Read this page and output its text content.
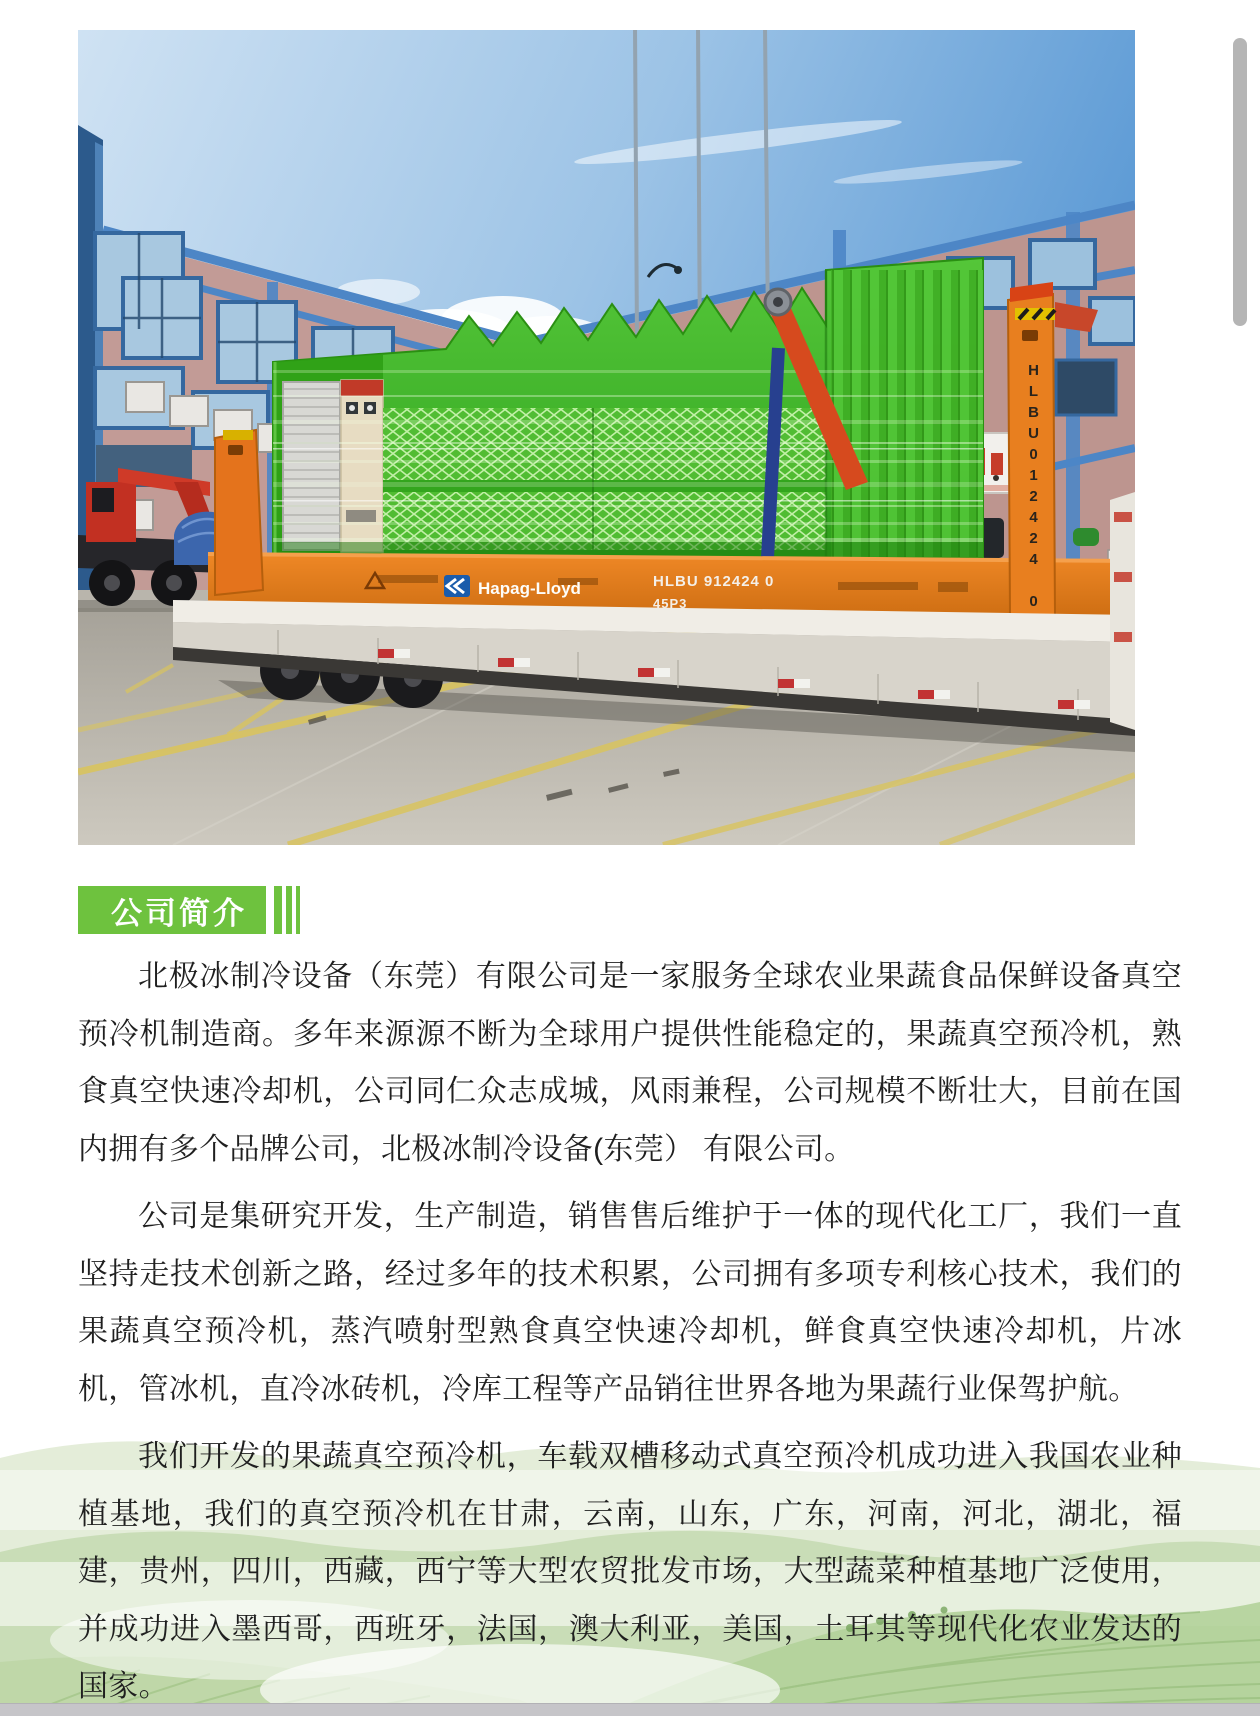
Hapag-Lloyd	HLBU 912424 0
45P3	HLBU012424 0
公司简介

北极冰制冷设备（东莞）有限公司是一家服务全球农业果蔬食品保鲜设备真空预冷机制造商。多年来源源不断为全球用户提供性能稳定的，果蔬真空预冷机，熟食真空快速冷却机，公司同仁众志成城，风雨兼程，公司规模不断壮大，目前在国内拥有多个品牌公司，北极冰制冷设备(东莞） 有限公司。

公司是集研究开发，生产制造，销售售后维护于一体的现代化工厂，我们一直坚持走技术创新之路，经过多年的技术积累，公司拥有多项专利核心技术，我们的果蔬真空预冷机，蒸汽喷射型熟食真空快速冷却机，鲜食真空快速冷却机，片冰机，管冰机，直冷冰砖机，冷库工程等产品销往世界各地为果蔬行业保驾护航。

我们开发的果蔬真空预冷机，车载双槽移动式真空预冷机成功进入我国农业种植基地，我们的真空预冷机在甘肃，云南，山东，广东，河南，河北，湖北，福建，贵州，四川，西藏，西宁等大型农贸批发市场，大型蔬菜种植基地广泛使用，并成功进入墨西哥，西班牙，法国，澳大利亚，美国，土耳其等现代化农业发达的国家。
